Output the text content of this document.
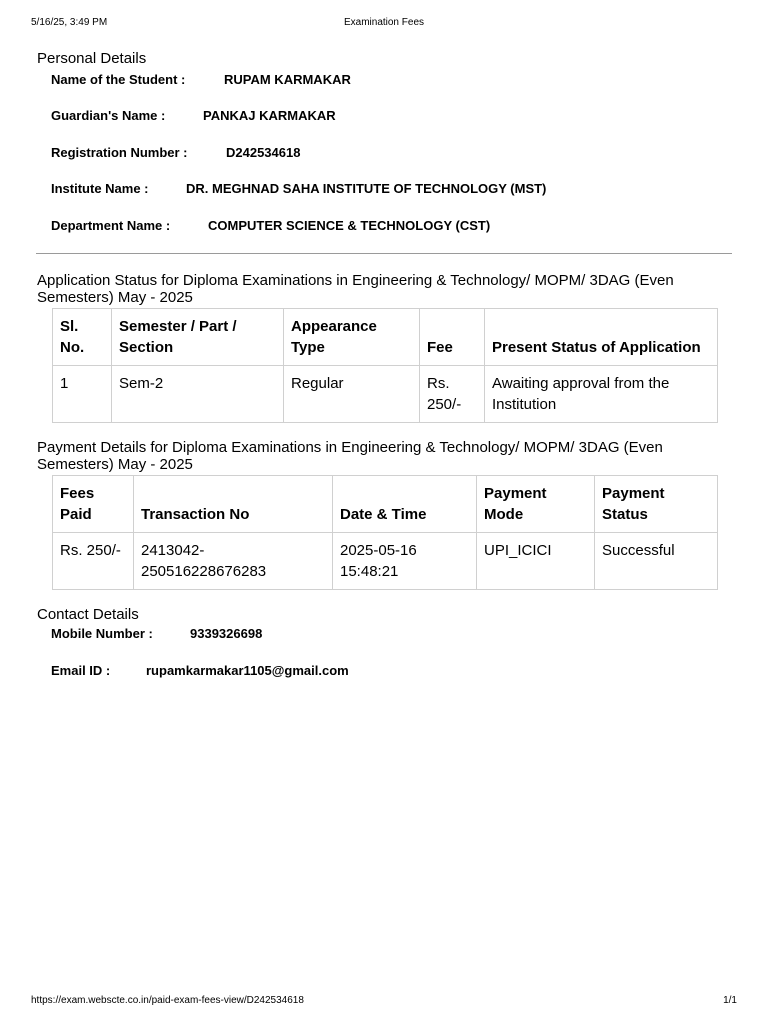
5/16/25, 3:49 PM	Examination Fees
Personal Details
Name of the Student :	RUPAM KARMAKAR
Guardian's Name :	PANKAJ KARMAKAR
Registration Number :	D242534618
Institute Name :	DR. MEGHNAD SAHA INSTITUTE OF TECHNOLOGY (MST)
Department Name :	COMPUTER SCIENCE & TECHNOLOGY (CST)
Application Status for Diploma Examinations in Engineering & Technology/ MOPM/ 3DAG (Even Semesters) May - 2025
Sl. No.	Semester / Part / Section	Appearance Type	Fee	Present Status of Application
1	Sem-2	Regular	Rs. 250/-	Awaiting approval from the Institution
Payment Details for Diploma Examinations in Engineering & Technology/ MOPM/ 3DAG (Even Semesters) May - 2025
Fees Paid	Transaction No	Date & Time	Payment Mode	Payment Status
Rs. 250/-	2413042-250516228676283	2025-05-16 15:48:21	UPI_ICICI	Successful
Contact Details
Mobile Number :	9339326698
Email ID :	rupamkarmakar1105@gmail.com
https://exam.webscte.co.in/paid-exam-fees-view/D242534618	1/1
